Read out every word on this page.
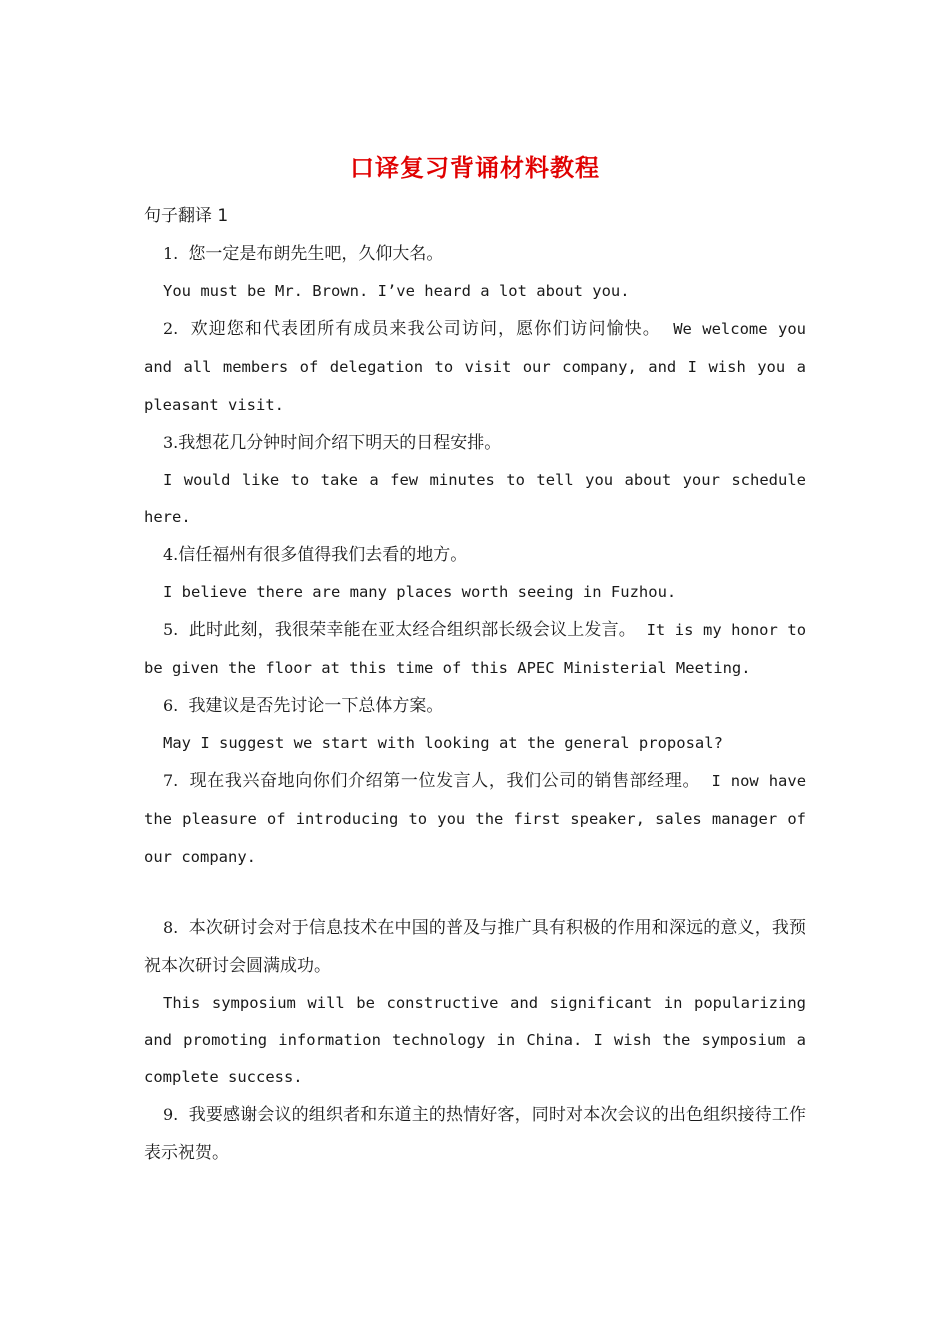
口译复习背诵材料教程

句子翻译 1

1. 您一定是布朗先生吧，久仰大名。

You must be Mr. Brown. I’ve heard a lot about you.

2. 欢迎您和代表团所有成员来我公司访问，愿你们访问愉快。 We welcome you and all members of delegation to visit our company, and I wish you a pleasant visit.

3.我想花几分钟时间介绍下明天的日程安排。

I would like to take a few minutes to tell you about your schedule here.

4.信任福州有很多值得我们去看的地方。

I believe there are many places worth seeing in Fuzhou.

5. 此时此刻，我很荣幸能在亚太经合组织部长级会议上发言。 It is my honor to be given the floor at this time of this APEC Ministerial Meeting.

6. 我建议是否先讨论一下总体方案。

May I suggest we start with looking at the general proposal?

7. 现在我兴奋地向你们介绍第一位发言人，我们公司的销售部经理。 I now have the pleasure of introducing to you the first speaker, sales manager of our company.

8. 本次研讨会对于信息技术在中国的普及与推广具有积极的作用和深远的意义，我预祝本次研讨会圆满成功。

This symposium will be constructive and significant in popularizing and promoting information technology in China. I wish the symposium a complete success.

9. 我要感谢会议的组织者和东道主的热情好客，同时对本次会议的出色组织接待工作表示祝贺。
